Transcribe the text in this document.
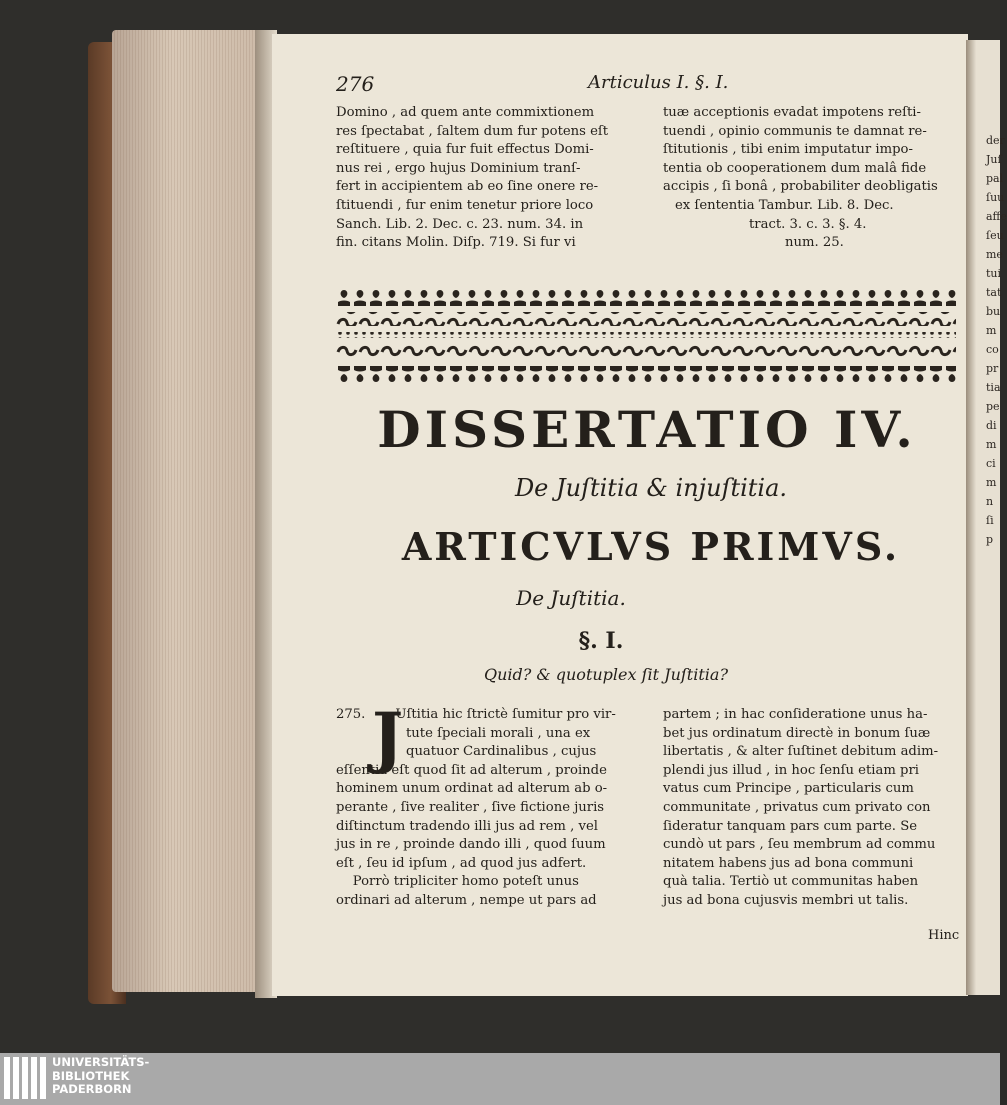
der
Juſ
pal
ſuu
affe
ſeu
me
tui
tat
bu
m
co
pr
tia
pe
di
m
ci
m
n
ſi
p
276	Articulus I. §. I.
Domino , ad quem ante commixtionem
res ſpectabat , ſaltem dum fur potens eſt
reſtituere , quia fur fuit effectus Domi-
nus rei , ergo hujus Dominium tranſ-
fert in accipientem ab eo ſine onere re-
ſtituendi , fur enim tenetur priore loco
Sanch. Lib. 2. Dec. c. 23. num. 34. in
fin. citans Molin. Diſp. 719. Si fur vi
tuæ acceptionis evadat impotens reſti-
tuendi , opinio communis te damnat re-
ſtitutionis , tibi enim imputatur impo-
tentia ob cooperationem dum malâ fide
accipis , ſi bonâ , probabiliter deobligatis
ex ſententia Tambur. Lib. 8. Dec.
tract. 3. c. 3. §. 4.
num. 25.
DISSERTATIO IV.
De Juſtitia & injuſtitia.
ARTICVLVS PRIMVS.
De Juſtitia.
§. I.
Quid? & quotuplex ſit Juſtitia?
275. Uſtitia hic ſtrictè ſumitur pro vir-
tute ſpeciali morali , una ex
quatuor Cardinalibus , cujus
eſſentia eſt quod ſit ad alterum , proinde
hominem unum ordinat ad alterum ab o-
perante , ſive realiter , ſive fictione juris
diſtinctum tradendo illi jus ad rem , vel
jus in re , proinde dando illi , quod ſuum
eſt , ſeu id ipſum , ad quod jus adfert.
Porrò tripliciter homo poteſt unus
ordinari ad alterum , nempe ut pars ad
J	partem ; in hac conſideratione unus ha-
bet jus ordinatum directè in bonum ſuæ
libertatis , & alter ſuſtinet debitum adim-
plendi jus illud , in hoc ſenſu etiam pri
vatus cum Principe , particularis cum
communitate , privatus cum privato con
ſideratur tanquam pars cum parte. Se
cundò ut pars , ſeu membrum ad commu
nitatem habens jus ad bona communi
quà talia. Tertiò ut communitas haben
jus ad bona cujusvis membri ut talis.
Hinc
UNIVERSITÄTS-
BIBLIOTHEK
PADERBORN
